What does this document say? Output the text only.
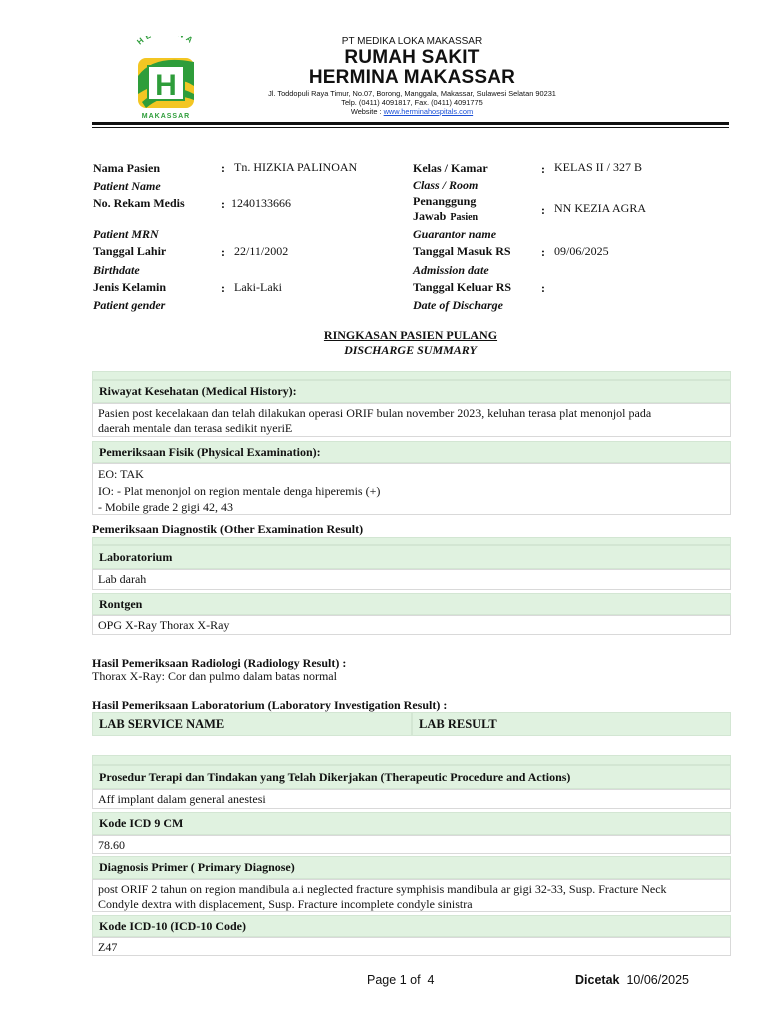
H A
H
MAKASSAR
PT MEDIKA LOKA MAKASSAR
RUMAH SAKIT
HERMINA MAKASSAR
Jl. Toddopuli Raya Timur, No.07, Borong, Manggala, Makassar, Sulawesi Selatan 90231
Telp. (0411) 4091817, Fax. (0411) 4091775
Website : www.herminahospitals.com
Nama Pasien	: Tn. HIZKIA PALINOAN
Patient Name
No. Rekam Medis	: 1240133666
Patient MRN
Tanggal Lahir	: 22/11/2002
Birthdate
Jenis Kelamin	: Laki-Laki
Patient gender
Kelas / Kamar	: KELAS II / 327 B
Class / Room
Penanggung
Jawab Pasien
: NN KEZIA AGRA
Guarantor name
Tanggal Masuk RS	: 09/06/2025
Admission date
Tanggal Keluar RS :
Date of Discharge
RINGKASAN PASIEN PULANG
DISCHARGE SUMMARY
Riwayat Kesehatan (Medical History):
Pasien post kecelakaan dan telah dilakukan operasi ORIF bulan november 2023, keluhan terasa plat menonjol pada
daerah mentale dan terasa sedikit nyeriE
Pemeriksaan Fisik (Physical Examination):
EO: TAK
IO: - Plat menonjol on region mentale denga hiperemis (+)
- Mobile grade 2 gigi 42, 43
Pemeriksaan Diagnostik (Other Examination Result)
Laboratorium
Lab darah
Rontgen
OPG X-Ray Thorax X-Ray
Hasil Pemeriksaan Radiologi (Radiology Result) :
Thorax X-Ray: Cor dan pulmo dalam batas normal
Hasil Pemeriksaan Laboratorium (Laboratory Investigation Result) :
LAB SERVICE NAME	LAB RESULT
Prosedur Terapi dan Tindakan yang Telah Dikerjakan (Therapeutic Procedure and Actions)
Aff implant dalam general anestesi
Kode ICD 9 CM
78.60
Diagnosis Primer ( Primary Diagnose)
post ORIF 2 tahun on region mandibula a.i neglected fracture symphisis mandibula ar gigi 32-33, Susp. Fracture Neck
Condyle dextra with displacement, Susp. Fracture incomplete condyle sinistra
Kode ICD-10 (ICD-10 Code)
Z47
Page 1 of 4	Dicetak 10/06/2025
